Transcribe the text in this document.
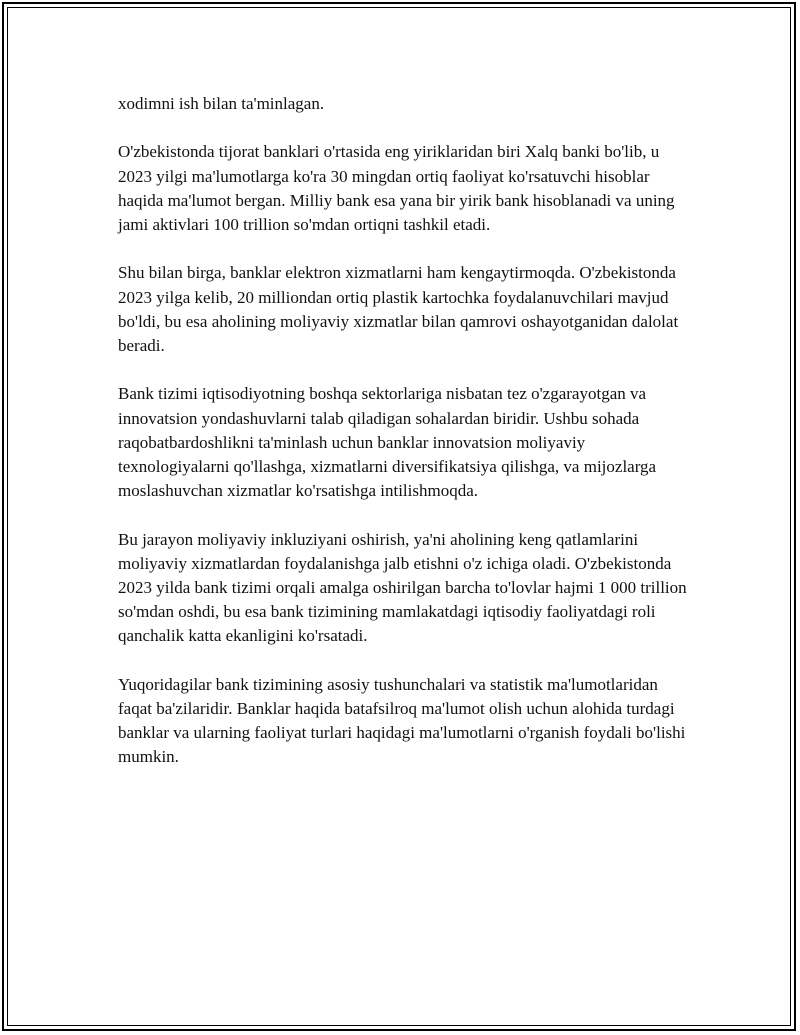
xodimni ish bilan ta'minlagan.

O'zbekistonda tijorat banklari o'rtasida eng yiriklaridan biri Xalq banki bo'lib, u 2023 yilgi ma'lumotlarga ko'ra 30 mingdan ortiq faoliyat ko'rsatuvchi hisoblar haqida ma'lumot bergan. Milliy bank esa yana bir yirik bank hisoblanadi va uning jami aktivlari 100 trillion so'mdan ortiqni tashkil etadi.

Shu bilan birga, banklar elektron xizmatlarni ham kengaytirmoqda. O'zbekistonda 2023 yilga kelib, 20 milliondan ortiq plastik kartochka foydalanuvchilari mavjud bo'ldi, bu esa aholining moliyaviy xizmatlar bilan qamrovi oshayotganidan dalolat beradi.

Bank tizimi iqtisodiyotning boshqa sektorlariga nisbatan tez o'zgarayotgan va innovatsion yondashuvlarni talab qiladigan sohalardan biridir. Ushbu sohada raqobatbardoshlikni ta'minlash uchun banklar innovatsion moliyaviy texnologiyalarni qo'llashga, xizmatlarni diversifikatsiya qilishga, va mijozlarga moslashuvchan xizmatlar ko'rsatishga intilishmoqda.

Bu jarayon moliyaviy inkluziyani oshirish, ya'ni aholining keng qatlamlarini moliyaviy xizmatlardan foydalanishga jalb etishni o'z ichiga oladi. O'zbekistonda 2023 yilda bank tizimi orqali amalga oshirilgan barcha to'lovlar hajmi 1 000 trillion so'mdan oshdi, bu esa bank tizimining mamlakatdagi iqtisodiy faoliyatdagi roli qanchalik katta ekanligini ko'rsatadi.

Yuqoridagilar bank tizimining asosiy tushunchalari va statistik ma'lumotlaridan faqat ba'zilaridir. Banklar haqida batafsilroq ma'lumot olish uchun alohida turdagi banklar va ularning faoliyat turlari haqidagi ma'lumotlarni o'rganish foydali bo'lishi mumkin.
